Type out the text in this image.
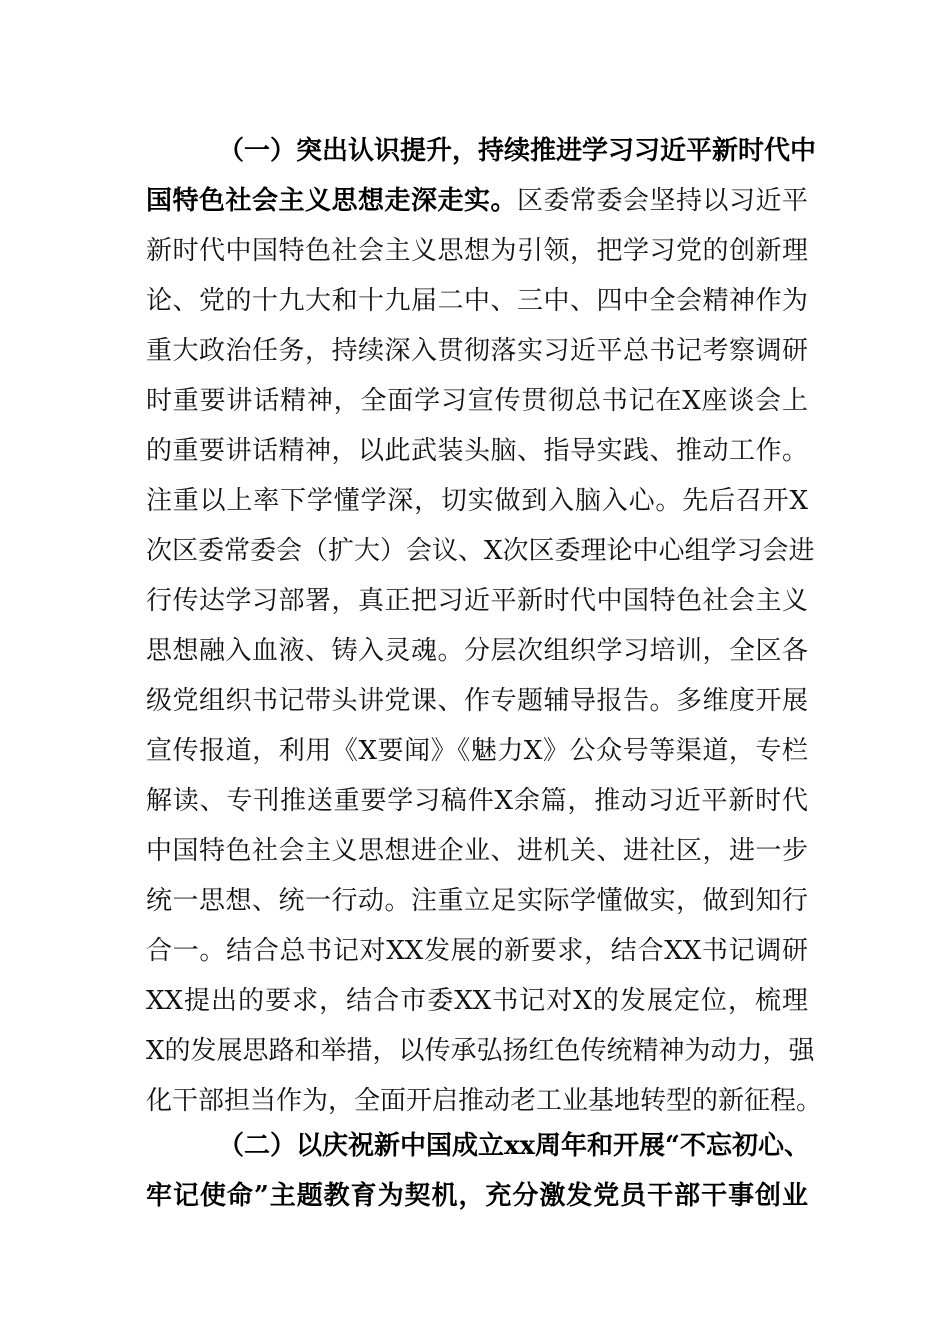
（一）突出认识提升，持续推进学习习近平新时代中
国特色社会主义思想走深走实。区委常委会坚持以习近平
新时代中国特色社会主义思想为引领，把学习党的创新理
论、党的十九大和十九届二中、三中、四中全会精神作为
重大政治任务，持续深入贯彻落实习近平总书记考察调研
时重要讲话精神，全面学习宣传贯彻总书记在X座谈会上
的重要讲话精神，以此武装头脑、指导实践、推动工作。
注重以上率下学懂学深，切实做到入脑入心。先后召开X
次区委常委会（扩大）会议、X次区委理论中心组学习会进
行传达学习部署，真正把习近平新时代中国特色社会主义
思想融入血液、铸入灵魂。分层次组织学习培训，全区各
级党组织书记带头讲党课、作专题辅导报告。多维度开展
宣传报道，利用《X要闻》《魅力X》公众号等渠道，专栏
解读、专刊推送重要学习稿件X余篇，推动习近平新时代
中国特色社会主义思想进企业、进机关、进社区，进一步
统一思想、统一行动。注重立足实际学懂做实，做到知行
合一。结合总书记对XX发展的新要求，结合XX书记调研
XX提出的要求，结合市委XX书记对X的发展定位，梳理
X的发展思路和举措，以传承弘扬红色传统精神为动力，强
化干部担当作为，全面开启推动老工业基地转型的新征程。
（二）以庆祝新中国成立xx周年和开展“不忘初心、
牢记使命”主题教育为契机，充分激发党员干部干事创业
